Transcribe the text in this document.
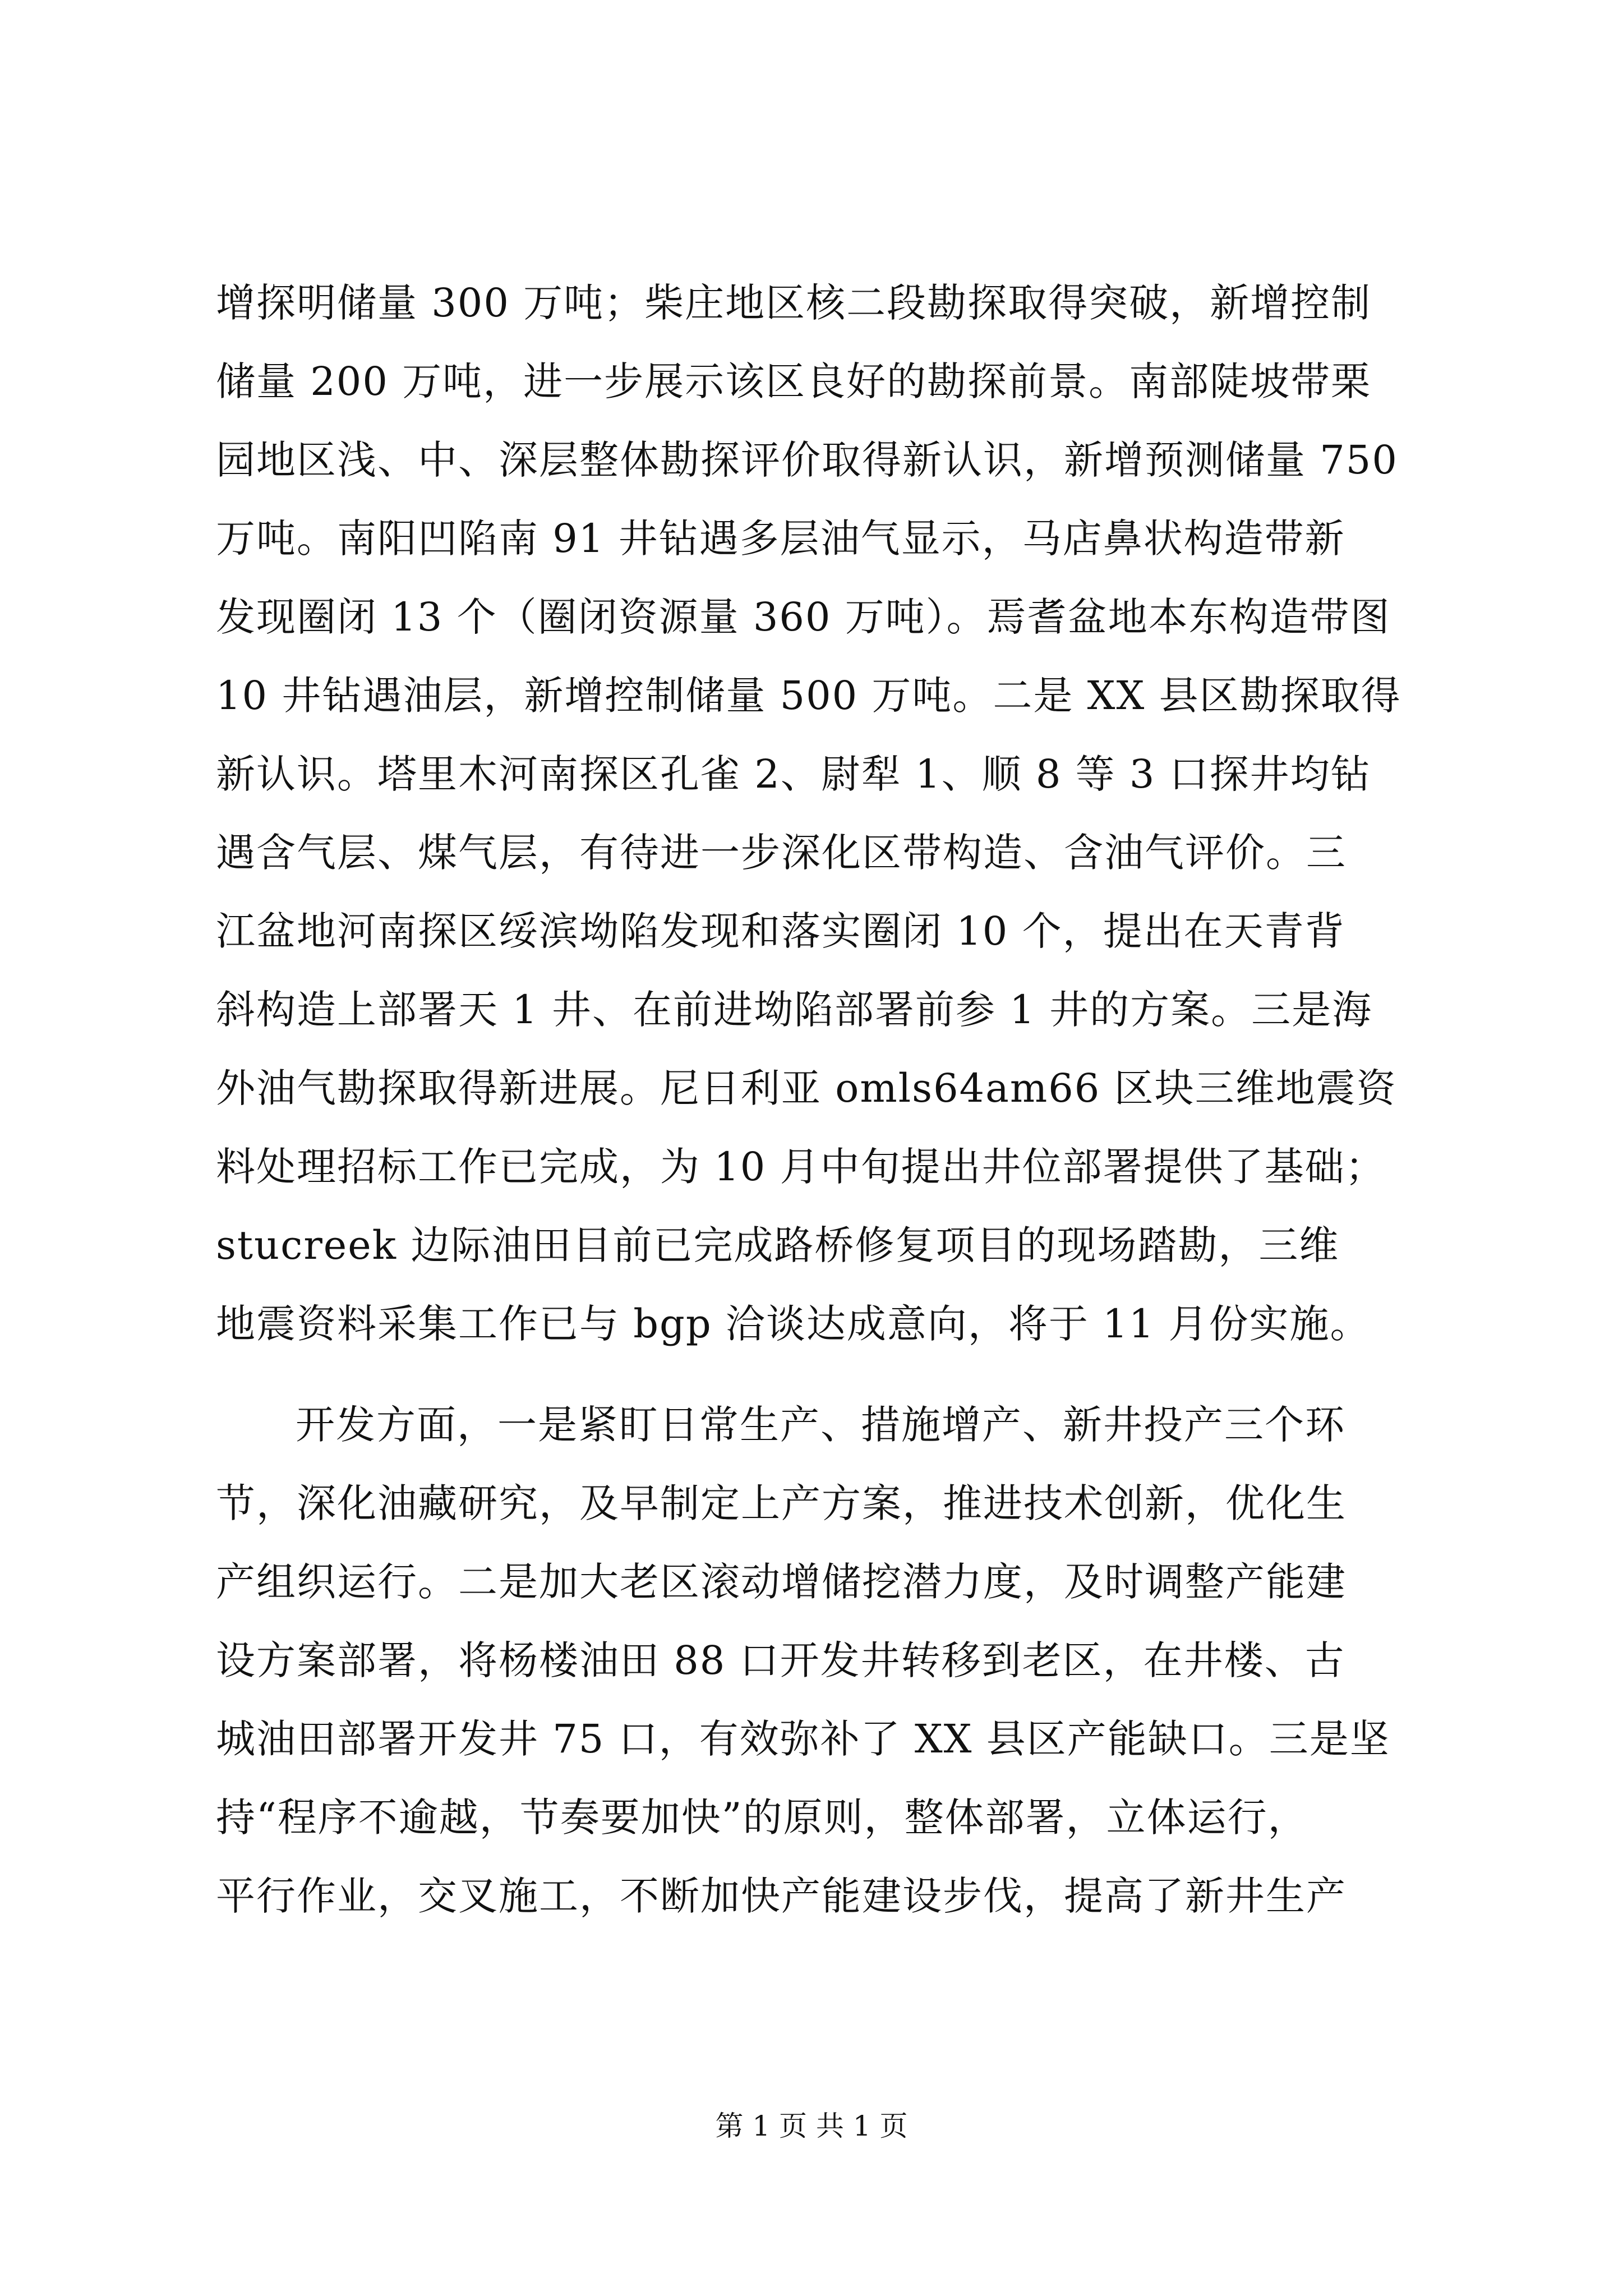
增探明储量 300 万吨；柴庄地区核二段勘探取得突破，新增控制
储量 200 万吨，进一步展示该区良好的勘探前景。南部陡坡带栗
园地区浅、中、深层整体勘探评价取得新认识，新增预测储量 750
万吨。南阳凹陷南 91 井钻遇多层油气显示，马店鼻状构造带新
发现圈闭 13 个（圈闭资源量 360 万吨）。焉耆盆地本东构造带图
10 井钻遇油层，新增控制储量 500 万吨。二是 XX 县区勘探取得
新认识。塔里木河南探区孔雀 2、尉犁 1、顺 8 等 3 口探井均钻
遇含气层、煤气层，有待进一步深化区带构造、含油气评价。三
江盆地河南探区绥滨坳陷发现和落实圈闭 10 个，提出在天青背
斜构造上部署天 1 井、在前进坳陷部署前参 1 井的方案。三是海
外油气勘探取得新进展。尼日利亚 omls64am66 区块三维地震资
料处理招标工作已完成，为 10 月中旬提出井位部署提供了基础；
stucreek 边际油田目前已完成路桥修复项目的现场踏勘，三维
地震资料采集工作已与 bgp 洽谈达成意向，将于 11 月份实施。
开发方面，一是紧盯日常生产、措施增产、新井投产三个环
节，深化油藏研究，及早制定上产方案，推进技术创新，优化生
产组织运行。二是加大老区滚动增储挖潜力度，及时调整产能建
设方案部署，将杨楼油田 88 口开发井转移到老区，在井楼、古
城油田部署开发井 75 口，有效弥补了 XX 县区产能缺口。三是坚
持“程序不逾越，节奏要加快”的原则，整体部署，立体运行，
平行作业，交叉施工，不断加快产能建设步伐，提高了新井生产
第 1 页 共 1 页
